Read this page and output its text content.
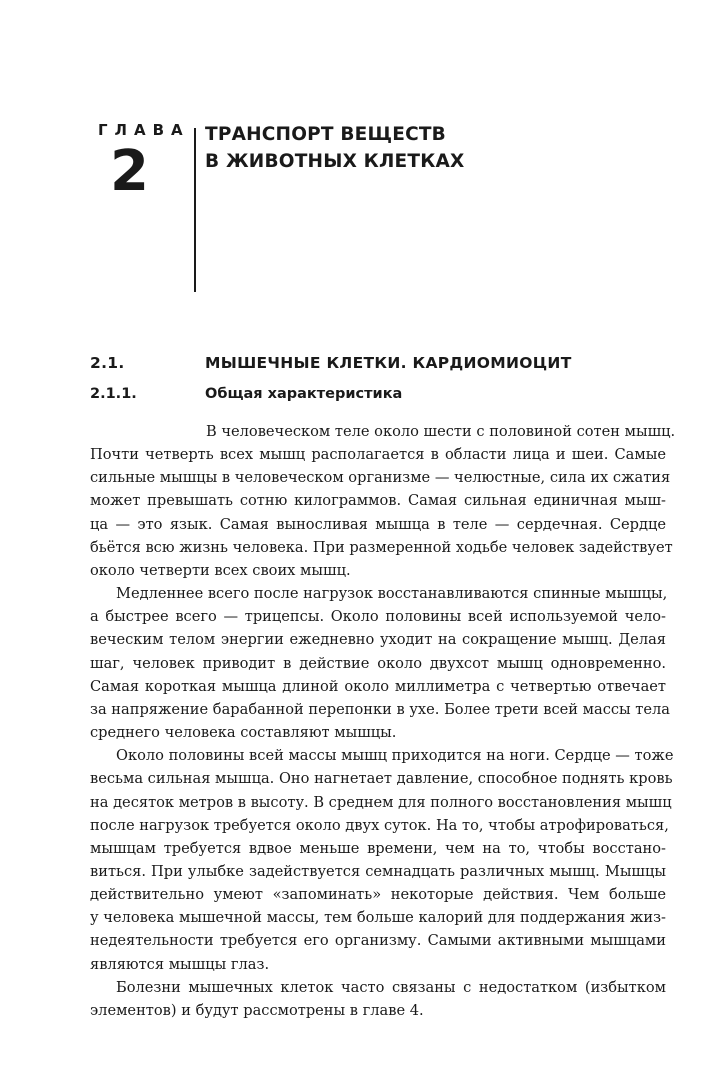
ГЛАВА
2
ТРАНСПОРТ ВЕЩЕСТВ
В ЖИВОТНЫХ КЛЕТКАХ
2.1.	МЫШЕЧНЫЕ КЛЕТКИ. КАРДИОМИОЦИТ
2.1.1.	Общая характеристика
В человеческом теле около шести с половиной сотен мышц.
Почти четверть всех мышц располагается в области лица и шеи. Самые
сильные мышцы в человеческом организме — челюстные, сила их сжатия
может превышать сотню килограммов. Самая сильная единичная мыш-
ца — это язык. Самая выносливая мышца в теле — сердечная. Сердце
бьётся всю жизнь человека. При размеренной ходьбе человек задействует
около четверти всех своих мышц.
Медленнее всего после нагрузок восстанавливаются спинные мышцы,
а быстрее всего — трицепсы. Около половины всей используемой чело-
веческим телом энергии ежедневно уходит на сокращение мышц. Делая
шаг, человек приводит в действие около двухсот мышц одновременно.
Самая короткая мышца длиной около миллиметра с четвертью отвечает
за напряжение барабанной перепонки в ухе. Более трети всей массы тела
среднего человека составляют мышцы.
Около половины всей массы мышц приходится на ноги. Сердце — тоже
весьма сильная мышца. Оно нагнетает давление, способное поднять кровь
на десяток метров в высоту. В среднем для полного восстановления мышц
после нагрузок требуется около двух суток. На то, чтобы атрофироваться,
мышцам требуется вдвое меньше времени, чем на то, чтобы восстано-
виться. При улыбке задействуется семнадцать различных мышц. Мышцы
действительно умеют «запоминать» некоторые действия. Чем больше
у человека мышечной массы, тем больше калорий для поддержания жиз-
недеятельности требуется его организму. Самыми активными мышцами
являются мышцы глаз.
Болезни мышечных клеток часто связаны с недостатком (избытком
элементов) и будут рассмотрены в главе 4.
